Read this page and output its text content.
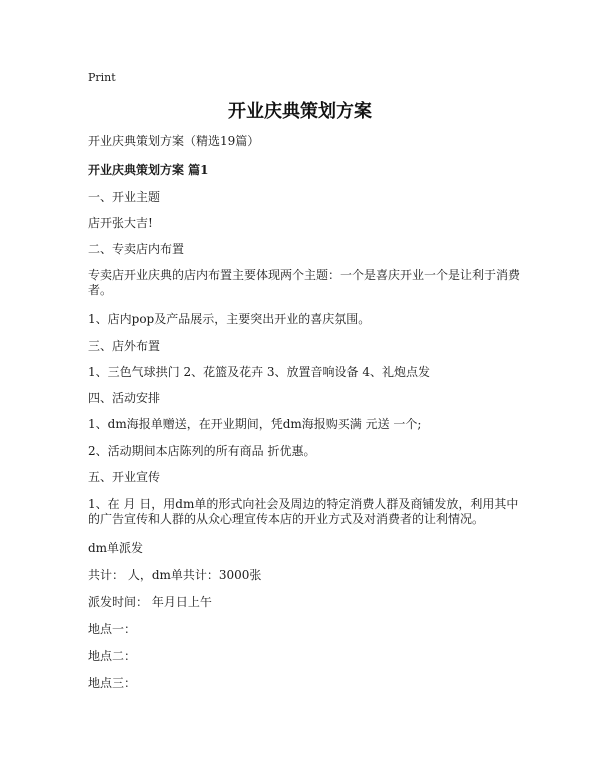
Print
开业庆典策划方案
开业庆典策划方案（精选19篇）
开业庆典策划方案 篇1
一、开业主题
店开张大吉!
二、专卖店内布置
专卖店开业庆典的店内布置主要体现两个主题：一个是喜庆开业一个是让利于消费者。
1、店内pop及产品展示，主要突出开业的喜庆氛围。
三、店外布置
1、三色气球拱门 2、花篮及花卉 3、放置音响设备 4、礼炮点发
四、活动安排
1、dm海报单赠送，在开业期间，凭dm海报购买满 元送 一个;
2、活动期间本店陈列的所有商品 折优惠。
五、开业宣传
1、在 月 日，用dm单的形式向社会及周边的特定消费人群及商铺发放，利用其中的广告宣传和人群的从众心理宣传本店的开业方式及对消费者的让利情况。
dm单派发
共计： 人，dm单共计：3000张
派发时间： 年月日上午
地点一：
地点二：
地点三：
